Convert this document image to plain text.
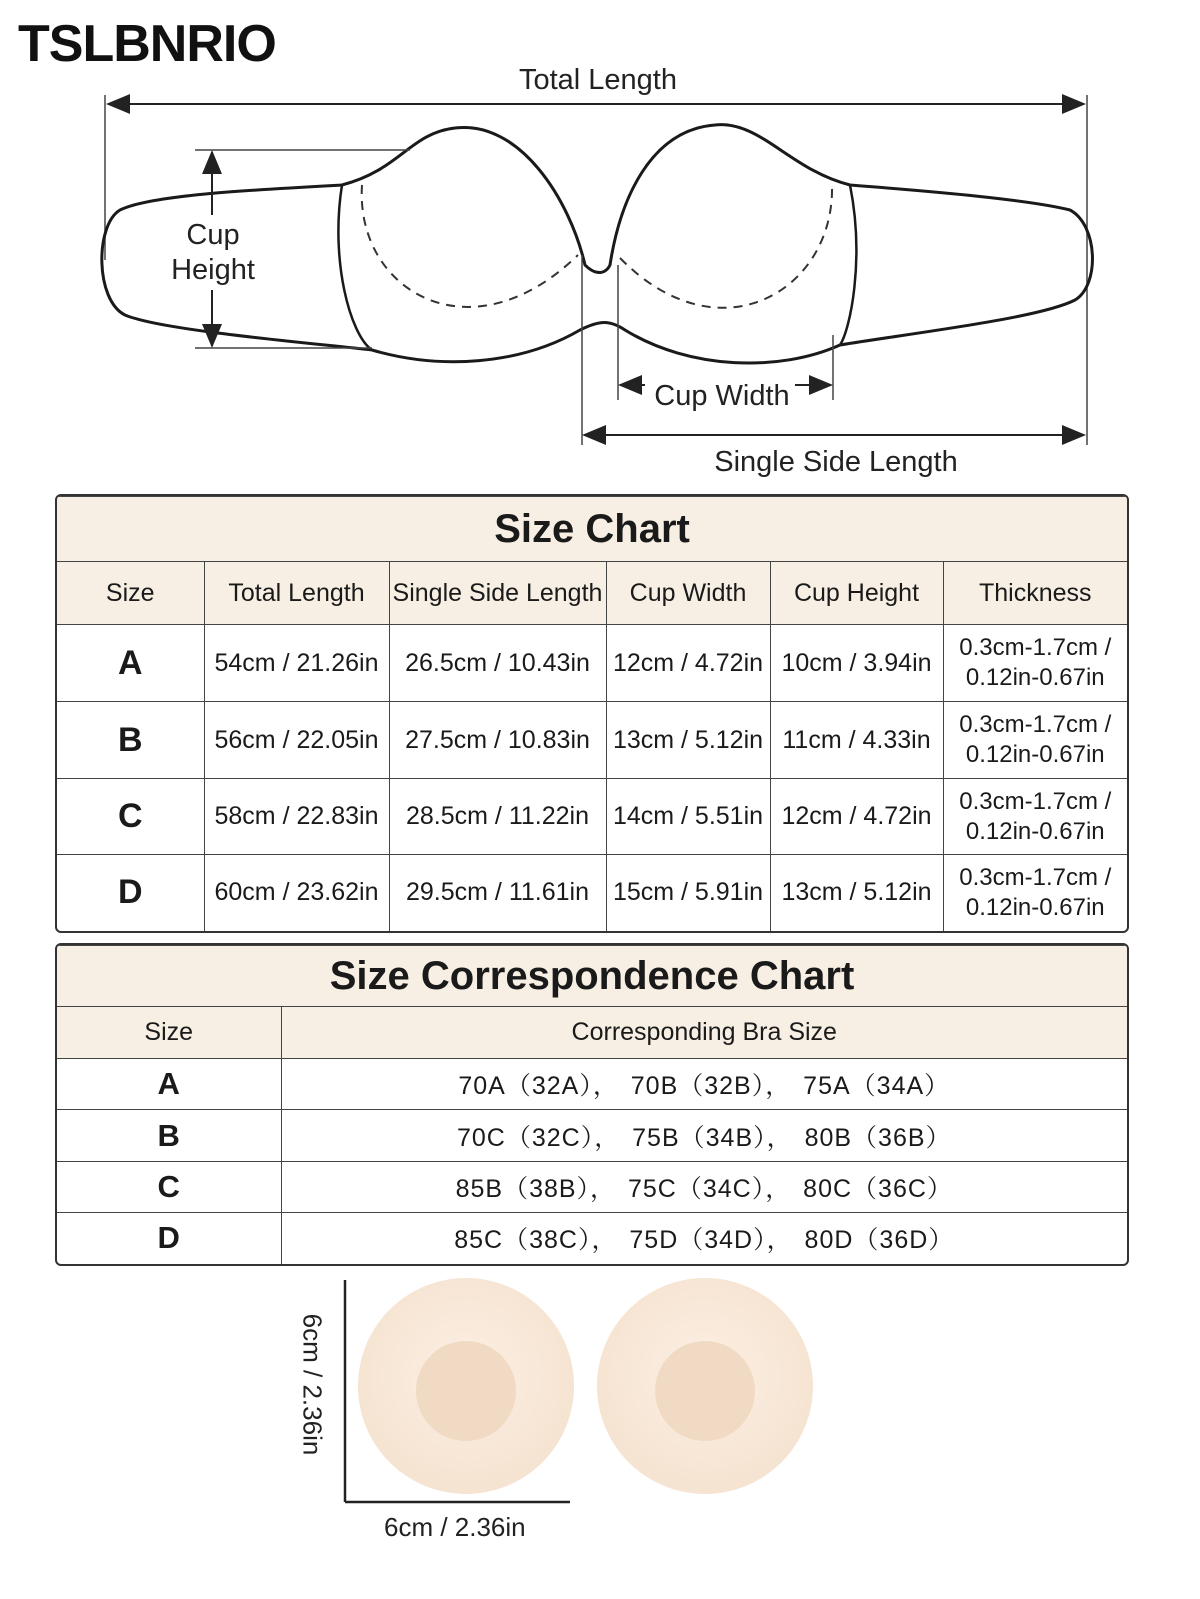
TSLBNRIO
Total Length
Cup
Height
Cup Width
Single Side Length
Size Chart					
Size	Total Length	Single Side Length	Cup Width	Cup Height	Thickness
A	54cm / 21.26in	26.5cm / 10.43in	12cm / 4.72in	10cm / 3.94in	0.3cm-1.7cm /
0.12in-0.67in

B	56cm / 22.05in	27.5cm / 10.83in	13cm / 5.12in	11cm / 4.33in	0.3cm-1.7cm /
0.12in-0.67in

C	58cm / 22.83in	28.5cm / 11.22in	14cm / 5.51in	12cm / 4.72in	0.3cm-1.7cm /
0.12in-0.67in

D	60cm / 23.62in	29.5cm / 11.61in	15cm / 5.91in	13cm / 5.12in	0.3cm-1.7cm /
0.12in-0.67in
Size Correspondence Chart	
Size	Corresponding Bra Size
A	70A（32A）， 70B（32B）， 75A（34A）
B	70C（32C）， 75B（34B）， 80B（36B）
C	85B（38B）， 75C（34C）， 80C（36C）
D	85C（38C）， 75D（34D）， 80D（36D）
6cm / 2.36in
6cm / 2.36in
